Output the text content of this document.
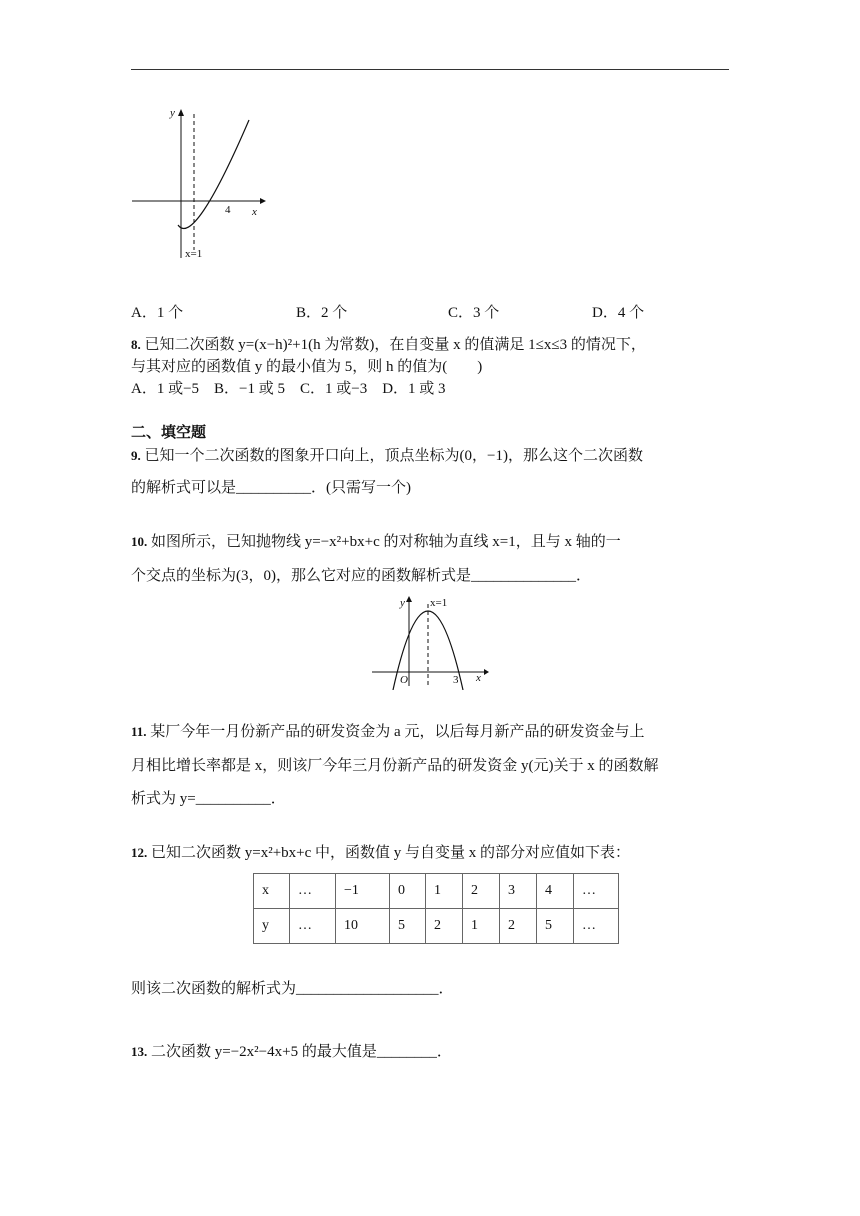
y
x
4
x=1
A．1 个	B．2 个	C．3 个	D．4 个
8. 已知二次函数 y=(x−h)²+1(h 为常数)，在自变量 x 的值满足 1≤x≤3 的情况下，
与其对应的函数值 y 的最小值为 5，则 h 的值为(　　)
A．1 或−5　B．−1 或 5　C．1 或−3　D．1 或 3
二、填空题
9. 已知一个二次函数的图象开口向上，顶点坐标为(0，−1)，那么这个二次函数
的解析式可以是__________．(只需写一个)
10. 如图所示，已知抛物线 y=−x²+bx+c 的对称轴为直线 x=1，且与 x 轴的一
个交点的坐标为(3，0)，那么它对应的函数解析式是______________．
y x=1
x
O	3
11. 某厂今年一月份新产品的研发资金为 a 元，以后每月新产品的研发资金与上
月相比增长率都是 x，则该厂今年三月份新产品的研发资金 y(元)关于 x 的函数解
析式为 y=__________．
12. 已知二次函数 y=x²+bx+c 中，函数值 y 与自变量 x 的部分对应值如下表：
x	…	−1	0	1	2	3	4	…
y	…	10	5	2	1	2	5	…
则该二次函数的解析式为___________________．
13. 二次函数 y=−2x²−4x+5 的最大值是________．
